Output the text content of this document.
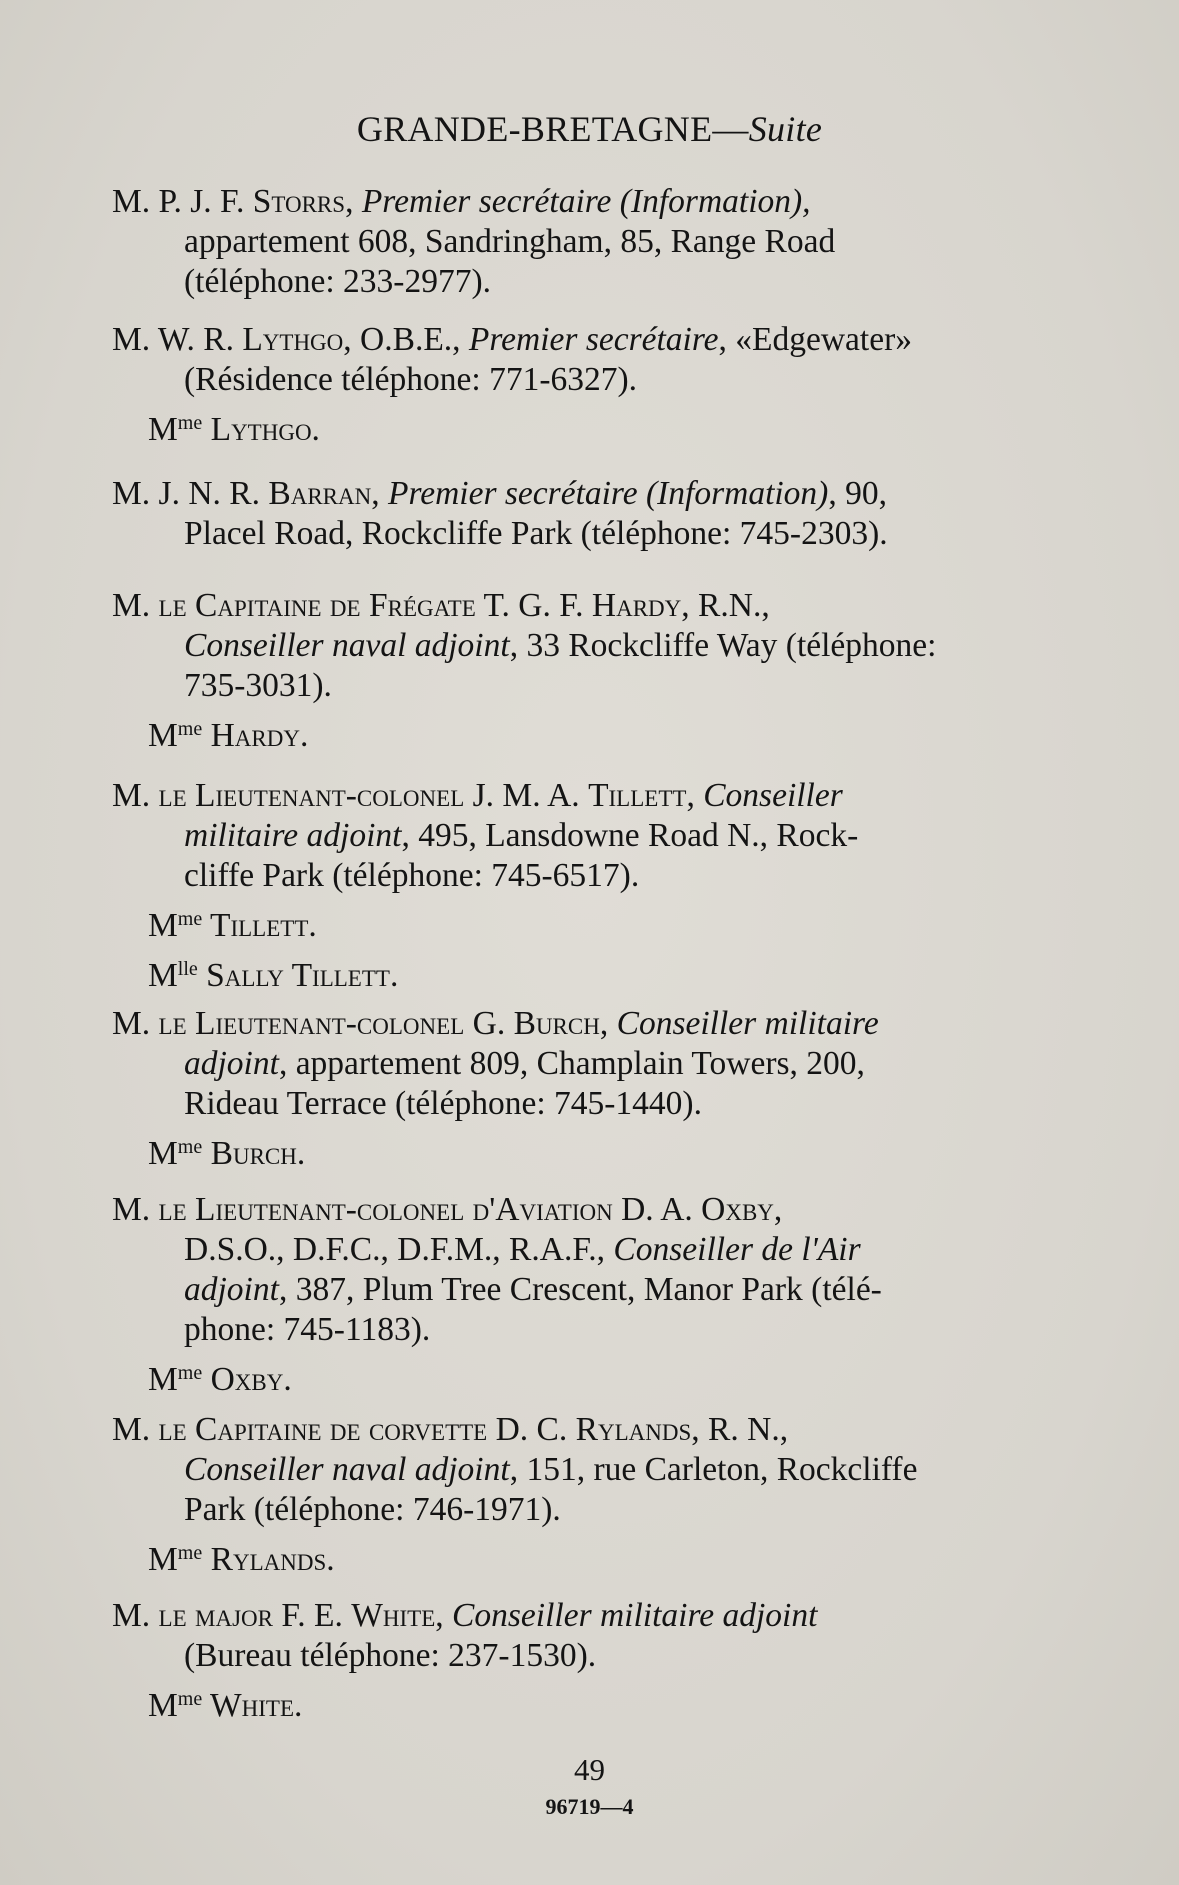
GRANDE-BRETAGNE—Suite
M. P. J. F. Storrs, Premier secrétaire (Information),
appartement 608, Sandringham, 85, Range Road
(téléphone: 233-2977).
M. W. R. Lythgo, O.B.E., Premier secrétaire, «Edgewater»
(Résidence téléphone: 771-6327).
$M^{me}$ Lythgo.
M. J. N. R. Barran, Premier secrétaire (Information), 90,
Placel Road, Rockcliffe Park (téléphone: 745-2303).
M. le Capitaine de Frégate T. G. F. Hardy, R.N.,
Conseiller naval adjoint, 33 Rockcliffe Way (téléphone:
735-3031).
$M^{me}$ Hardy.
M. le Lieutenant-colonel J. M. A. Tillett, Conseiller
militaire adjoint, 495, Lansdowne Road N., Rock-
cliffe Park (téléphone: 745-6517).
$M^{me}$ Tillett.
$M^{lle}$ Sally Tillett.
M. le Lieutenant-colonel G. Burch, Conseiller militaire
adjoint, appartement 809, Champlain Towers, 200,
Rideau Terrace (téléphone: 745-1440).
$M^{me}$ Burch.
M. le Lieutenant-colonel d'Aviation D. A. Oxby,
D.S.O., D.F.C., D.F.M., R.A.F., Conseiller de l'Air
adjoint, 387, Plum Tree Crescent, Manor Park (télé-
phone: 745-1183).
$M^{me}$ Oxby.
M. le Capitaine de corvette D. C. Rylands, R. N.,
Conseiller naval adjoint, 151, rue Carleton, Rockcliffe
Park (téléphone: 746-1971).
$M^{me}$ Rylands.
M. le major F. E. White, Conseiller militaire adjoint
(Bureau téléphone: 237-1530).
$M^{me}$ White.
49
96719—4
